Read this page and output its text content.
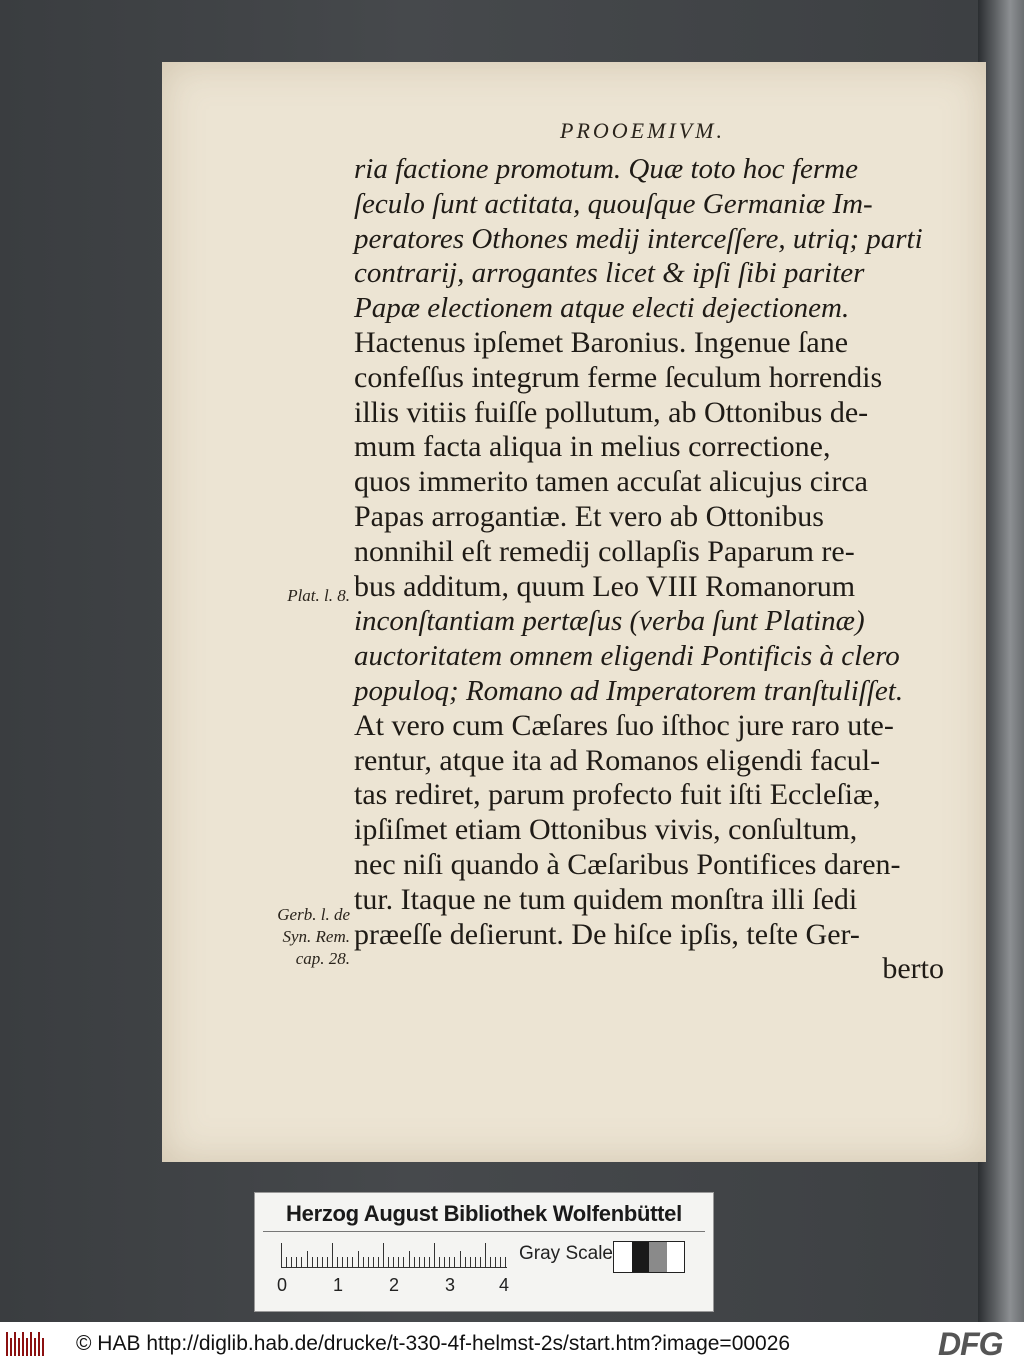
PROOEMIVM.
ria factione promotum. Quæ toto hoc ferme
ſeculo ſunt actitata, quouſque Germaniæ Im-
peratores Othones medij interceſſere, utriq; parti
contrarij, arrogantes licet & ipſi ſibi pariter
Papæ electionem atque electi dejectionem.
Hactenus ipſemet Baronius. Ingenue ſane
confeſſus integrum ferme ſeculum horrendis
illis vitiis fuiſſe pollutum, ab Ottonibus de-
mum facta aliqua in melius correctione,
quos immerito tamen accuſat alicujus circa
Papas arrogantiæ. Et vero ab Ottonibus
nonnihil eſt remedij collapſis Paparum re-
bus additum, quum Leo VIII Romanorum
inconſtantiam pertæſus (verba ſunt Platinæ)
auctoritatem omnem eligendi Pontificis à clero
populoq; Romano ad Imperatorem tranſtuliſſet.
At vero cum Cæſares ſuo iſthoc jure raro ute-
rentur, atque ita ad Romanos eligendi facul-
tas rediret, parum profecto fuit iſti Eccleſiæ,
ipſiſmet etiam Ottonibus vivis, conſultum,
nec niſi quando à Cæſaribus Pontifices daren-
tur. Itaque ne tum quidem monſtra illi ſedi
præeſſe deſierunt. De hiſce ipſis, teſte Ger-
berto
Plat. l. 8.
Gerb. l. de
Syn. Rem.
cap. 28.
Herzog August Bibliothek Wolfenbüttel
0	1	2	3 4
Gray Scale
© HAB http://diglib.hab.de/drucke/t-330-4f-helmst-2s/start.htm?image=00026	DFG
